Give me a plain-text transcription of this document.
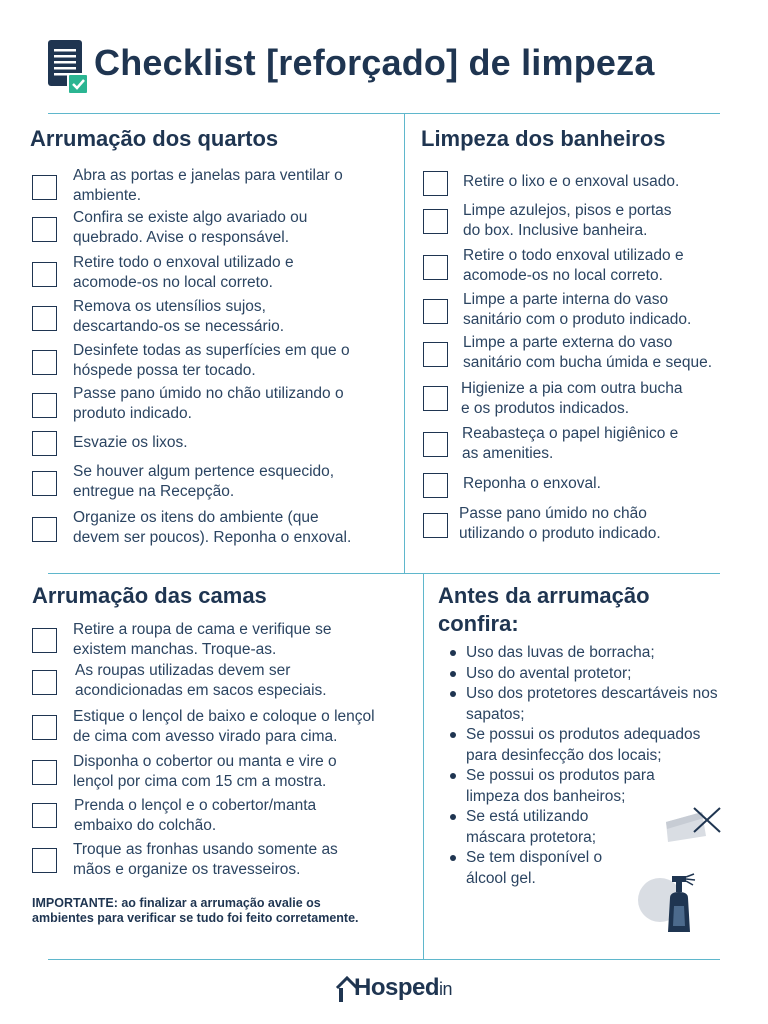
Checklist [reforçado] de limpeza
Arrumação dos quartos

Abra as portas e janelas para ventilar o
ambiente.

Confira se existe algo avariado ou
quebrado. Avise o responsável.

Retire todo o enxoval utilizado e
acomode-os no local correto.

Remova os utensílios sujos,
descartando-os se necessário.

Desinfete todas as superfícies em que o
hóspede possa ter tocado.

Passe pano úmido no chão utilizando o
produto indicado.

Esvazie os lixos.

Se houver algum pertence esquecido,
entregue na Recepção.

Organize os itens do ambiente (que
devem ser poucos). Reponha o enxoval.

Limpeza dos banheiros

Retire o lixo e o enxoval usado.

Limpe azulejos, pisos e portas
do box. Inclusive banheira.

Retire o todo enxoval utilizado e
acomode-os no local correto.

Limpe a parte interna do vaso
sanitário com o produto indicado.

Limpe a parte externa do vaso
sanitário com bucha úmida e seque.

Higienize a pia com outra bucha
e os produtos indicados.

Reabasteça o papel higiênico e
as amenities.

Reponha o enxoval.

Passe pano úmido no chão
utilizando o produto indicado.

Arrumação das camas

Retire a roupa de cama e verifique se
existem manchas. Troque-as.

As roupas utilizadas devem ser
acondicionadas em sacos especiais.

Estique o lençol de baixo e coloque o lençol
de cima com avesso virado para cima.

Disponha o cobertor ou manta e vire o
lençol por cima com 15 cm a mostra.

Prenda o lençol e o cobertor/manta
embaixo do colchão.

Troque as fronhas usando somente as
mãos e organize os travesseiros.

IMPORTANTE: ao finalizar a arrumação avalie os ambientes para verificar se tudo foi feito corretamente.

Antes da arrumação
confira:
Uso das luvas de borracha;
Uso do avental protetor;
Uso dos protetores descartáveis nos sapatos;
Se possui os produtos adequados para desinfecção dos locais;
Se possui os produtos para limpeza dos banheiros;
Se está utilizando máscara protetora;
Se tem disponível o álcool gel.
Hospedin
